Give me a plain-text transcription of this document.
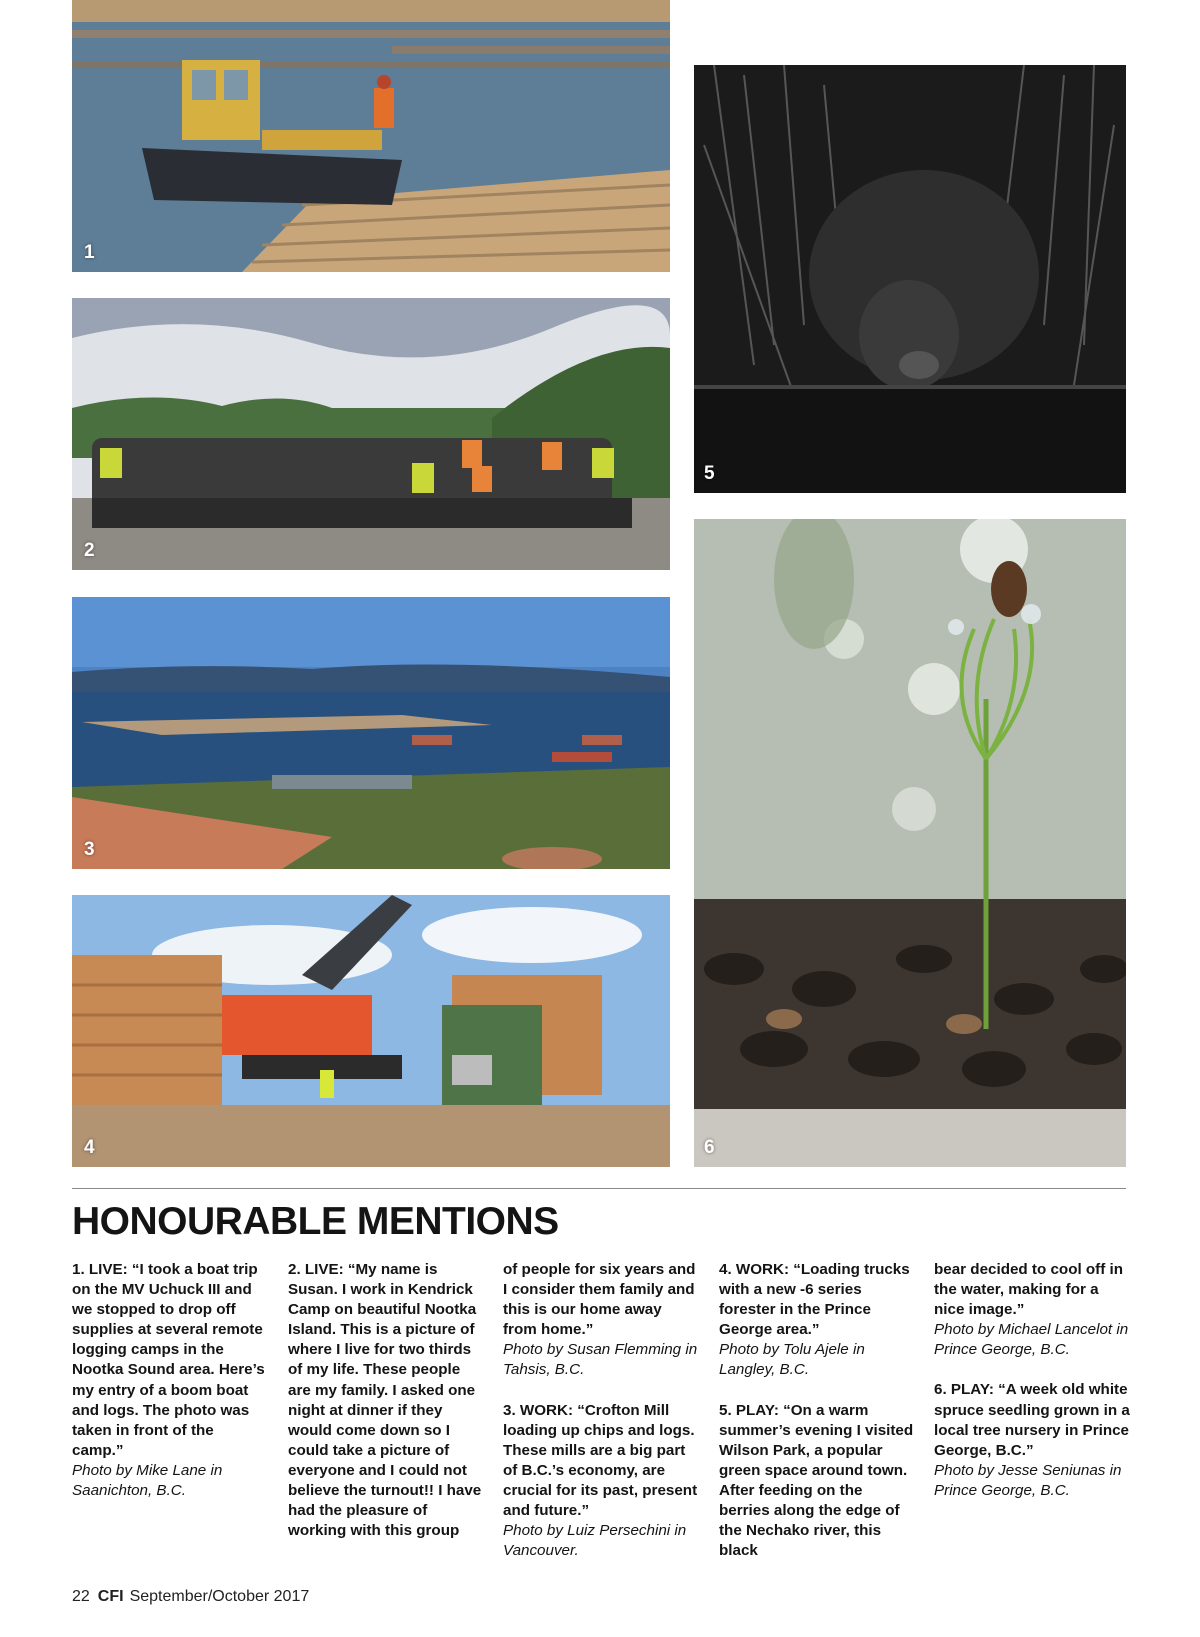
1
2
3
4
5
6
HONOURABLE MENTIONS

1. LIVE: “I took a boat trip on the MV Uchuck III and we stopped to drop off supplies at several remote logging camps in the Nootka Sound area. Here’s my entry of a boom boat and logs. The photo was taken in front of the camp.”
Photo by Mike Lane in Saanichton, B.C.

2. LIVE: “My name is Susan. I work in Kendrick Camp on beautiful Nootka Island. This is a picture of where I live for two thirds of my life. These people are my family. I asked one night at dinner if they would come down so I could take a picture of everyone and I could not believe the turnout!! I have had the pleasure of working with this group

of people for six years and I consider them family and this is our home away from home.”
Photo by Susan Flemming in Tahsis, B.C.

3. WORK: “Crofton Mill loading up chips and logs. These mills are a big part of B.C.’s economy, are crucial for its past, present and future.”
Photo by Luiz Persechini in Vancouver.

4. WORK: “Loading trucks with a new -6 series forester in the Prince George area.”
Photo by Tolu Ajele in Langley, B.C.

5. PLAY: “On a warm summer’s evening I visited Wilson Park, a popular green space around town. After feeding on the berries along the edge of the Nechako river, this black

bear decided to cool off in the water, making for a nice image.”
Photo by Michael Lancelot in Prince George, B.C.

6. PLAY: “A week old white spruce seedling grown in a local tree nursery in Prince George, B.C.”
Photo by Jesse Seniunas in Prince George, B.C.

22 CFI September/October 2017
